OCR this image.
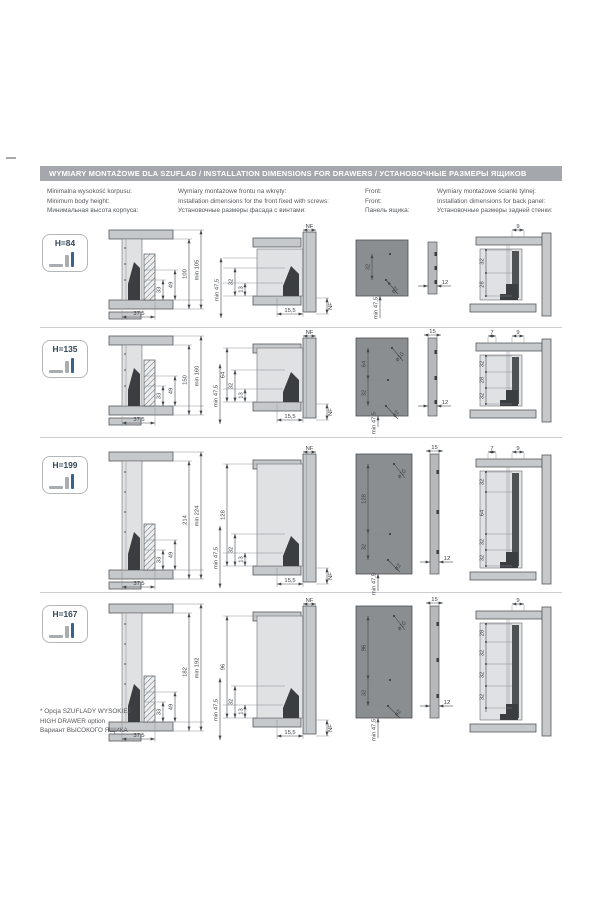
WYMIARY MONTAŻOWE DLA SZUFLAD / INSTALLATION DIMENSIONS FOR DRAWERS / УСТАНОВОЧНЫЕ РАЗМЕРЫ ЯЩИКОВ
Minimalna wysokość korpusu:
Minimum body height:
Минимальная высота корпуса:
Wymiary montażowe frontu na wkręty:
Installation dimensions for the front fixed with screws:
Установочные размеры фасада с винтами:
Front:
Front:
Панель ящика:
Wymiary montażowe ścianki tylnej:
Installation dimensions for back panel:
Установочные размеры задней стенки:
H=84
33
49
100 min 105
37,5
NF
32
13
min 47,5
15,5
NF
32
ø2
min 47,5
12
9
32
28
H=135
33
49
150 min 160
37,5
NF
64
32
13
min 47,5
15,5
NF
64
32
ø10
ø2
min 47,5
15
12
7	9
32
28
32
H=199
33
49
214 min 224
37,5
NF
128
32
13
min 47,5
15,5
NF
128
32
ø10
ø2
min 47,5
15
12
7	9
32
64
32
32
H=167
33
49
182 min 192
37,5
NF
96
32
13
min 47,5
15,5
NF
96
32
ø10
ø2
min 47,5
15
12
9
28
32
32
32
* Opcja SZUFLADY WYSOKIEJ
HIGH DRAWER option
Вариант ВЫСОКОГО ЯЩИКА
